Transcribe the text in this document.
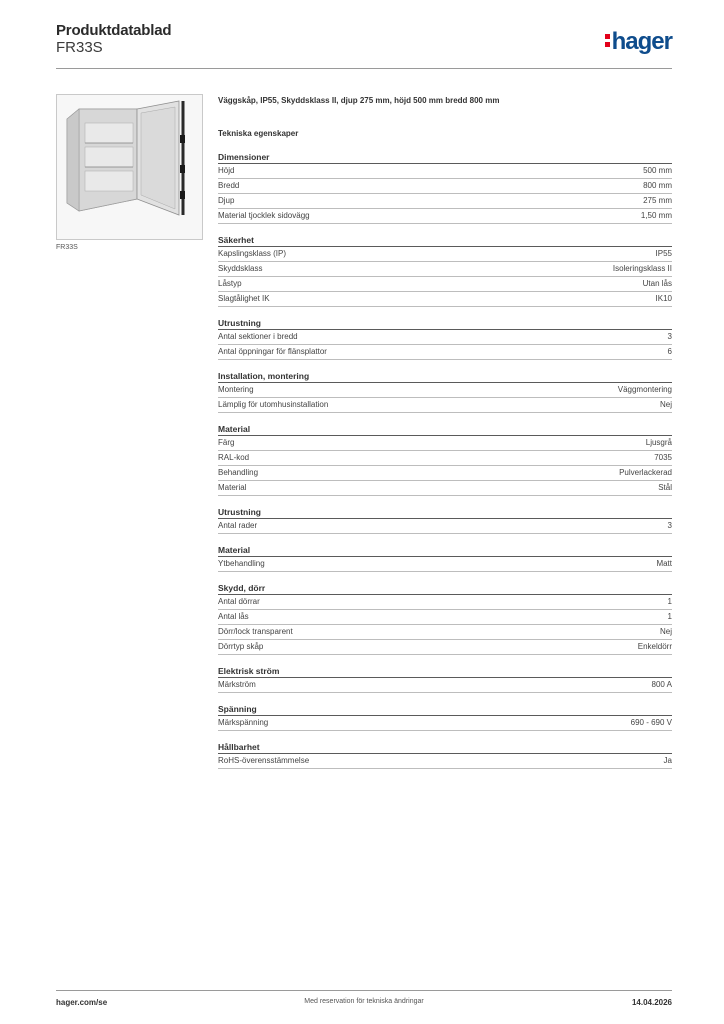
Produktdatablad
FR33S	hager
FR33S
Väggskåp, IP55, Skyddsklass II, djup 275 mm, höjd 500 mm bredd 800 mm
Tekniska egenskaper
Dimensioner
Höjd	500 mm
Bredd	800 mm
Djup	275 mm
Material tjocklek sidovägg	1,50 mm
Säkerhet
Kapslingsklass (IP)	IP55
Skyddsklass	Isoleringsklass II
Låstyp	Utan lås
Slagtålighet IK	IK10
Utrustning
Antal sektioner i bredd	3
Antal öppningar för flänsplattor	6
Installation, montering
Montering	Väggmontering
Lämplig för utomhusinstallation	Nej
Material
Färg	Ljusgrå
RAL-kod	7035
Behandling	Pulverlackerad
Material	Stål
Utrustning
Antal rader	3
Material
Ytbehandling	Matt
Skydd, dörr
Antal dörrar	1
Antal lås	1
Dörr/lock transparent	Nej
Dörrtyp skåp	Enkeldörr
Elektrisk ström
Märkström	800 A
Spänning
Märkspänning	690 - 690 V
Hållbarhet
RoHS-överensstämmelse	Ja
hager.com/se	Med reservation för tekniska ändringar	14.04.2026
